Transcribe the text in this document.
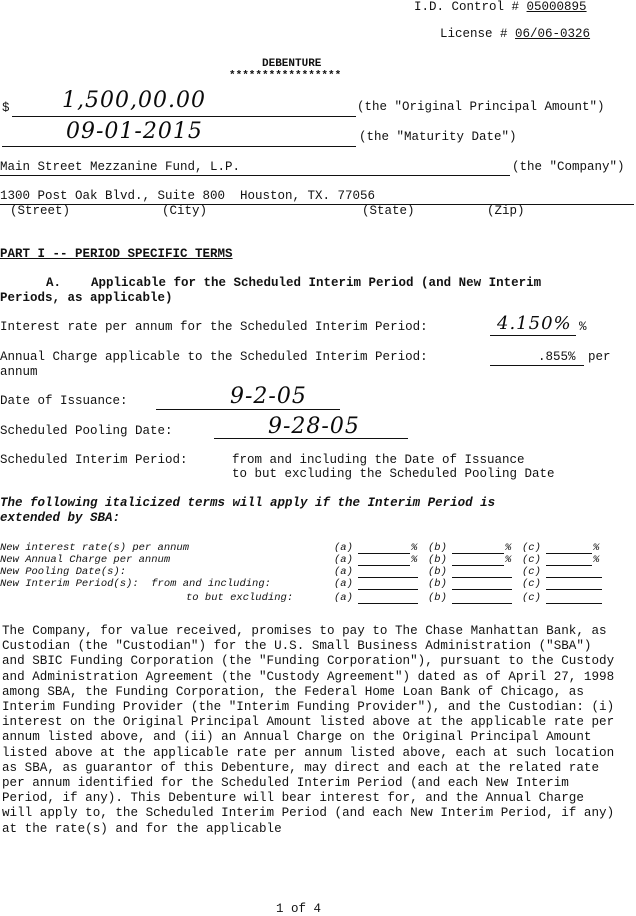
I.D. Control # 05000895
License # 06/06-0326
DEBENTURE
*****************
$ 1,500,00.00	(the "Original Principal Amount")
09-01-2015	(the "Maturity Date")
Main Street Mezzanine Fund, L.P.	(the "Company")
1300 Post Oak Blvd., Suite 800  Houston, TX. 77056
(Street)	(City)	(State)	(Zip)
PART I -- PERIOD SPECIFIC TERMS
A.    Applicable for the Scheduled Interim Period (and New Interim
Periods, as applicable)
Interest rate per annum for the Scheduled Interim Period:	4.150% %
Annual Charge applicable to the Scheduled Interim Period:	.855% per
annum
Date of Issuance:	9-2-05
Scheduled Pooling Date:	9-28-05
Scheduled Interim Period:	from and including the Date of Issuance
to but excluding the Scheduled Pooling Date
The following italicized terms will apply if the Interim Period is
extended by SBA:
New interest rate(s) per annum	(a)	% (b)	% (c)	%
New Annual Charge per annum	(a)	% (b)	% (c)	%
New Pooling Date(s):	(a)	(b)	(c)
New Interim Period(s):  from and including:	(a)	(b)	(c)
to but excluding:	(a)	(b)	(c)
The Company, for value received, promises to pay to The Chase Manhattan Bank, as Custodian (the "Custodian") for the U.S. Small Business Administration ("SBA") and SBIC Funding Corporation (the "Funding Corporation"), pursuant to the Custody and Administration Agreement (the "Custody Agreement") dated as of April 27, 1998 among SBA, the Funding Corporation, the Federal Home Loan Bank of Chicago, as Interim Funding Provider (the "Interim Funding Provider"), and the Custodian: (i) interest on the Original Principal Amount listed above at the applicable rate per annum listed above, and (ii) an Annual Charge on the Original Principal Amount listed above at the applicable rate per annum listed above, each at such location as SBA, as guarantor of this Debenture, may direct and each at the related rate per annum identified for the Scheduled Interim Period (and each New Interim Period, if any). This Debenture will bear interest for, and the Annual Charge will apply to, the Scheduled Interim Period (and each New Interim Period, if any) at the rate(s) and for the applicable
1 of 4
